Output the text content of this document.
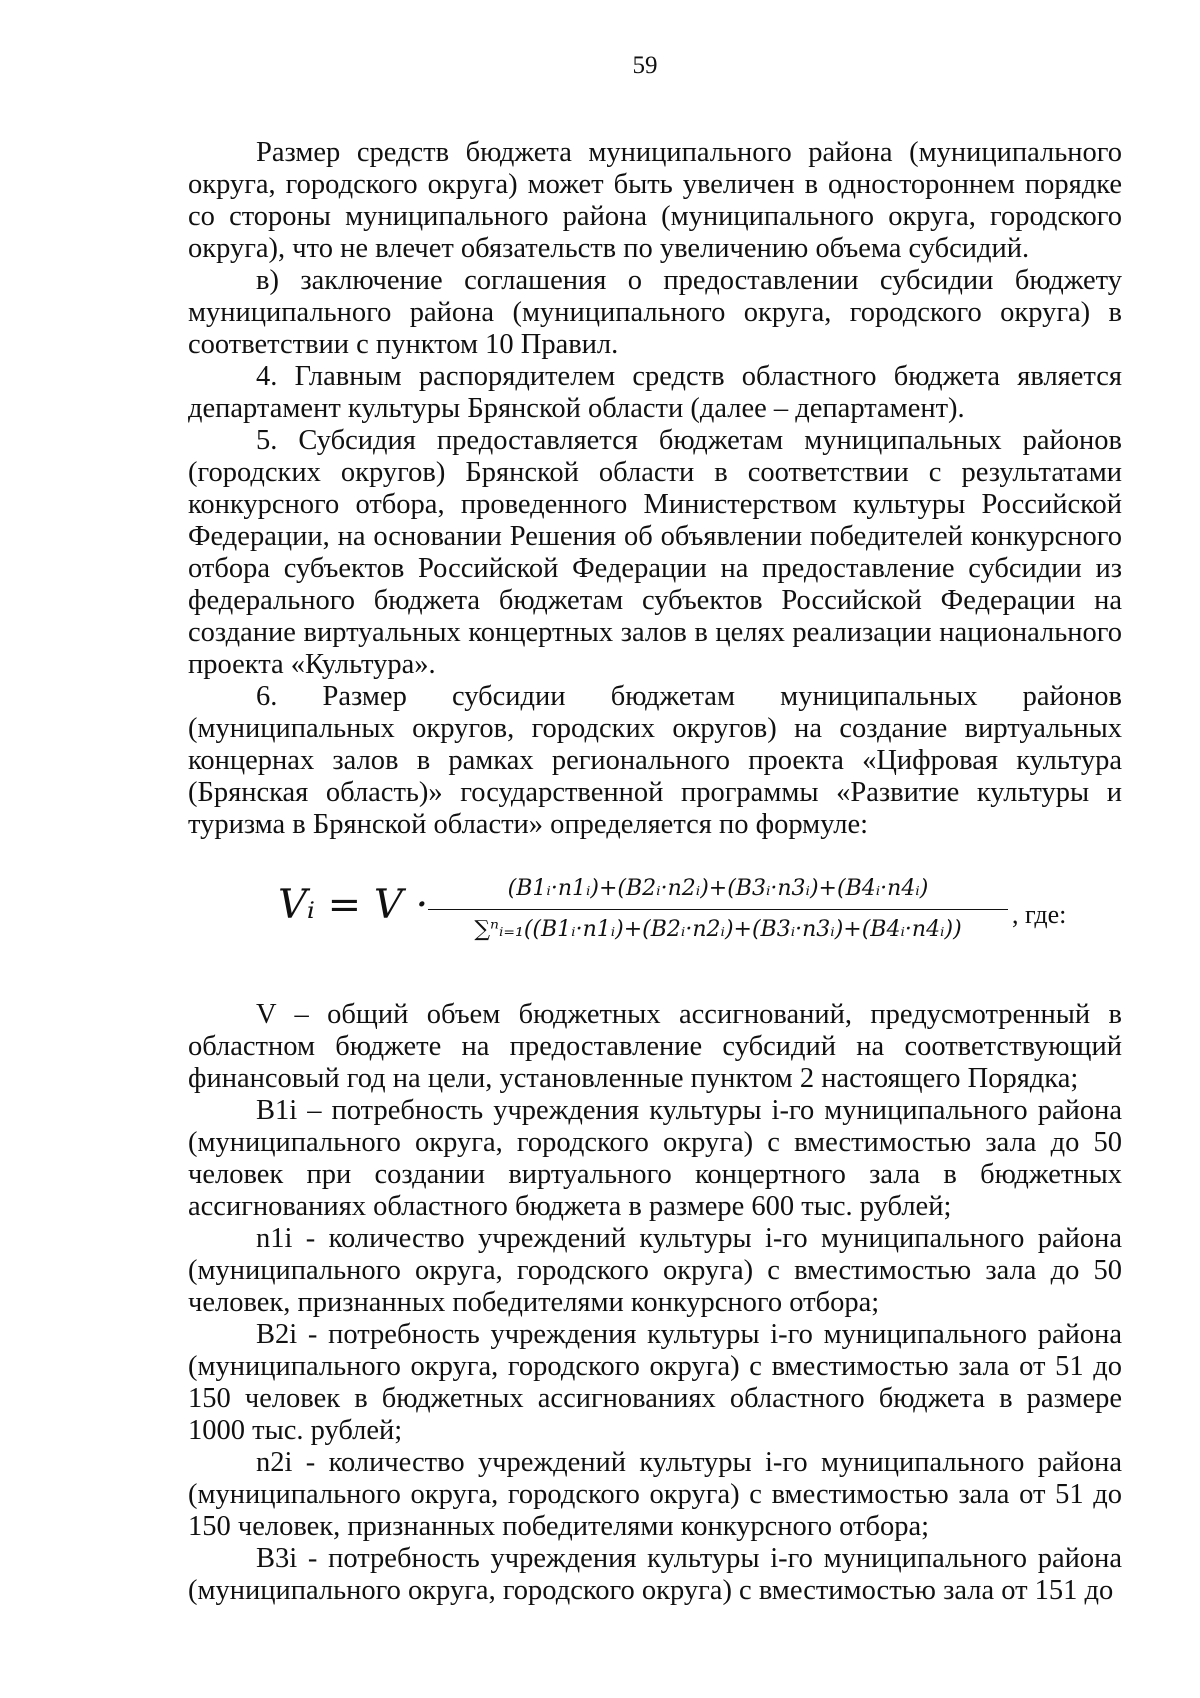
59

Размер средств бюджета муниципального района (муниципального округа, городского округа) может быть увеличен в одностороннем порядке со стороны муниципального района (муниципального округа, городского округа), что не влечет обязательств по увеличению объема субсидий.

в) заключение соглашения о предоставлении субсидии бюджету муниципального района (муниципального округа, городского округа) в соответствии с пунктом 10 Правил.

4. Главным распорядителем средств областного бюджета является департамент культуры Брянской области (далее – департамент).

5. Субсидия предоставляется бюджетам муниципальных районов (городских округов) Брянской области в соответствии с результатами конкурсного отбора, проведенного Министерством культуры Российской Федерации, на основании Решения об объявлении победителей конкурсного отбора субъектов Российской Федерации на предоставление субсидии из федерального бюджета бюджетам субъектов Российской Федерации на создание виртуальных концертных залов в целях реализации национального проекта «Культура».

6. Размер субсидии бюджетам муниципальных районов (муниципальных округов, городских округов) на создание виртуальных концернах залов в рамках регионального проекта «Цифровая культура (Брянская область)» государственной программы «Развитие культуры и туризма в Брянской области» определяется по формуле:

Vᵢ = V ·	(B1ᵢ·n1ᵢ)+(B2ᵢ·n2ᵢ)+(B3ᵢ·n3ᵢ)+(B4ᵢ·n4ᵢ)
∑ⁿᵢ₌₁((B1ᵢ·n1ᵢ)+(B2ᵢ·n2ᵢ)+(B3ᵢ·n3ᵢ)+(B4ᵢ·n4ᵢ))
, где:

V – общий объем бюджетных ассигнований, предусмотренный в областном бюджете на предоставление субсидий на соответствующий финансовый год на цели, установленные пунктом 2 настоящего Порядка;

B1i – потребность учреждения культуры i-го муниципального района (муниципального округа, городского округа) с вместимостью зала до 50 человек при создании виртуального концертного зала в бюджетных ассигнованиях областного бюджета в размере 600 тыс. рублей;

n1i - количество учреждений культуры i-го муниципального района (муниципального округа, городского округа) с вместимостью зала до 50 человек, признанных победителями конкурсного отбора;

B2i - потребность учреждения культуры i-го муниципального района (муниципального округа, городского округа) с вместимостью зала от 51 до 150 человек в бюджетных ассигнованиях областного бюджета в размере 1000 тыс. рублей;

n2i - количество учреждений культуры i-го муниципального района (муниципального округа, городского округа) с вместимостью зала от 51 до 150 человек, признанных победителями конкурсного отбора;

B3i - потребность учреждения культуры i-го муниципального района (муниципального округа, городского округа) с вместимостью зала от 151 до
